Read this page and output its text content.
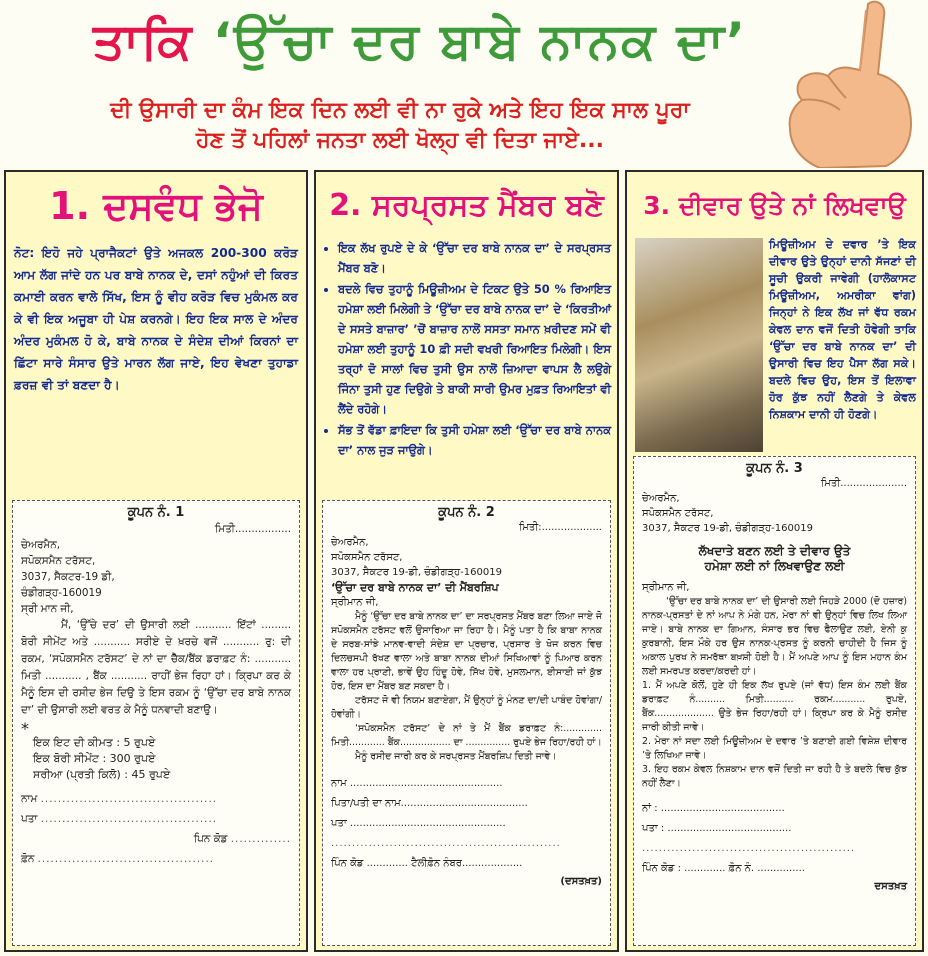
ਤਾਕਿ ‘ਉੱਚਾ ਦਰ ਬਾਬੇ ਨਾਨਕ ਦਾ’
ਦੀ ਉਸਾਰੀ ਦਾ ਕੰਮ ਇਕ ਦਿਨ ਲਈ ਵੀ ਨਾ ਰੁਕੇ ਅਤੇ ਇਹ ਇਕ ਸਾਲ ਪੂਰਾ
ਹੋਣ ਤੋਂ ਪਹਿਲਾਂ ਜਨਤਾ ਲਈ ਖੋਲ੍ਹ ਵੀ ਦਿਤਾ ਜਾਏ...
1. ਦਸਵੰਧ ਭੇਜੋ
ਨੋਟ: ਇਹੋ ਜਹੇ ਪ੍ਰਾਜੈਕਟਾਂ ਉਤੇ ਅਜਕਲ 200-300 ਕਰੋੜ ਆਮ ਲੱਗ ਜਾਂਦੇ ਹਨ ਪਰ ਬਾਬੇ ਨਾਨਕ ਦੇ, ਦਸਾਂ ਨਹੁੰਆਂ ਦੀ ਕਿਰਤ ਕਮਾਈ ਕਰਨ ਵਾਲੇ ਸਿੱਖ, ਇਸ ਨੂੰ ਵੀਹ ਕਰੋੜ ਵਿਚ ਮੁਕੰਮਲ ਕਰ ਕੇ ਵੀ ਇਕ ਅਜੂਬਾ ਹੀ ਪੇਸ਼ ਕਰਨਗੇ। ਇਹ ਇਕ ਸਾਲ ਦੇ ਅੰਦਰ ਅੰਦਰ ਮੁਕੰਮਲ ਹੋ ਕੇ, ਬਾਬੇ ਨਾਨਕ ਦੇ ਸੰਦੇਸ਼ ਦੀਆਂ ਕਿਰਨਾਂ ਦਾ ਛਿੱਟਾ ਸਾਰੇ ਸੰਸਾਰ ਉਤੇ ਮਾਰਨ ਲੱਗ ਜਾਏ, ਇਹ ਵੇਖਣਾ ਤੁਹਾਡਾ ਫ਼ਰਜ਼ ਵੀ ਤਾਂ ਬਣਦਾ ਹੈ।

ਕੂਪਨ ਨੰ. 1

ਮਿਤੀ.................

ਚੇਅਰਮੈਨ,

ਸਪੋਕਸਮੈਨ ਟਰੱਸਟ,

3037, ਸੈਕਟਰ-19 ਡੀ,

ਚੰਡੀਗੜ੍ਹ-160019

ਸ੍ਰੀ ਮਾਨ ਜੀ,

ਮੈਂ, ‘ਉੱਚੇ ਦਰ’ ਦੀ ਉਸਾਰੀ ਲਈ ........... ਇੱਟਾਂ ......... ਬੋਰੀ ਸੀਮੇਂਟ ਅਤੇ ........... ਸਰੀਏ ਦੇ ਖ਼ਰਚੇ ਵਜੋਂ ........... ਰੁ: ਦੀ ਰਕਮ, ‘ਸਪੋਕਸਮੈਨ ਟਰੱਸਟ’ ਦੇ ਨਾਂ ਦਾ ਚੈੱਕ/ਬੈਂਕ ਡਰਾਫ਼ਟ ਨੰ: ........... ਮਿਤੀ ........... , ਬੈਂਕ ........... ਰਾਹੀਂ ਭੇਜ ਰਿਹਾ ਹਾਂ। ਕ੍ਰਿਪਾ ਕਰ ਕੇ ਮੈਨੂੰ ਇਸ ਦੀ ਰਸੀਦ ਭੇਜ ਦਿਉ ਤੇ ਇਸ ਰਕਮ ਨੂੰ ‘ਉੱਚਾ ਦਰ ਬਾਬੇ ਨਾਨਕ ਦਾ’ ਦੀ ਉਸਾਰੀ ਲਈ ਵਰਤ ਕੇ ਮੈਨੂੰ ਧਨਵਾਦੀ ਬਣਾਉ।

*

ਇਕ ਇਟ ਦੀ ਕੀਮਤ : 5 ਰੁਪਏ

ਇਕ ਬੋਰੀ ਸੀਮੇਂਟ : 300 ਰੁਪਏ

ਸਰੀਆ (ਪ੍ਰਤੀ ਕਿਲੋ) : 45 ਰੁਪਏ

ਨਾਮ .........................................

ਪਤਾ .........................................

ਪਿਨ ਕੋਡ ..............

ਫ਼ੋਨ .........................................

2. ਸਰਪ੍ਰਸਤ ਮੈਂਬਰ ਬਣੋ
• ਇਕ ਲੱਖ ਰੁਪਏ ਦੇ ਕੇ ‘ਉੱਚਾ ਦਰ ਬਾਬੇ ਨਾਨਕ ਦਾ’ ਦੇ ਸਰਪ੍ਰਸਤ ਮੈਂਬਰ ਬਣੋ।
• ਬਦਲੇ ਵਿਚ ਤੁਹਾਨੂੰ ਮਿਊਜ਼ੀਅਮ ਦੇ ਟਿਕਟ ਉਤੇ 50 % ਰਿਆਇਤ ਹਮੇਸ਼ਾ ਲਈ ਮਿਲੇਗੀ ਤੇ ‘ਉੱਚਾ ਦਰ ਬਾਬੇ ਨਾਨਕ ਦਾ’ ਦੇ ‘ਕਿਰਤੀਆਂ ਦੇ ਸਸਤੇ ਬਾਜ਼ਾਰ’ ’ਚੋਂ ਬਾਜ਼ਾਰ ਨਾਲੋਂ ਸਸਤਾ ਸਮਾਨ ਖ਼ਰੀਦਣ ਸਮੇਂ ਵੀ ਹਮੇਸ਼ਾ ਲਈ ਤੁਹਾਨੂੰ 10 ਫ਼ੀ ਸਦੀ ਵਖਰੀ ਰਿਆਇਤ ਮਿਲੇਗੀ। ਇਸ ਤਰ੍ਹਾਂ ਦੋ ਸਾਲਾਂ ਵਿਚ ਤੁਸੀ ਉਸ ਨਾਲੋਂ ਜ਼ਿਆਦਾ ਵਾਪਸ ਲੈ ਲਉਗੇ ਜਿੰਨਾ ਤੁਸੀ ਹੁਣ ਦਿਉਗੇ ਤੇ ਬਾਕੀ ਸਾਰੀ ਉਮਰ ਮੁਫ਼ਤ ਰਿਆਇਤਾਂ ਵੀ ਲੈਂਦੇ ਰਹੋਗੇ।
• ਸੱਭ ਤੋਂ ਵੱਡਾ ਫ਼ਾਇਦਾ ਕਿ ਤੁਸੀ ਹਮੇਸ਼ਾ ਲਈ ‘ਉੱਚਾ ਦਰ ਬਾਬੇ ਨਾਨਕ ਦਾ’ ਨਾਲ ਜੁੜ ਜਾਉਗੇ।

ਕੂਪਨ ਨੰ. 2

ਮਿਤੀ:...................

ਚੇਅਰਮੈਨ,

ਸਪੋਕਸਮੈਨ ਟਰੱਸਟ,

3037, ਸੈਕਟਰ 19-ਡੀ, ਚੰਡੀਗੜ੍ਹ-160019

‘ਉੱਚਾ ਦਰ ਬਾਬੇ ਨਾਨਕ ਦਾ’ ਦੀ ਮੈਂਬਰਸ਼ਿਪ

ਸ੍ਰੀਮਾਨ ਜੀ,

ਮੈਨੂੰ ‘ਉੱਚਾ ਦਰ ਬਾਬੇ ਨਾਨਕ ਦਾ’ ਦਾ ਸਰਪ੍ਰਸਤ ਮੈਂਬਰ ਬਣਾ ਲਿਆ ਜਾਏ ਜੋ ਸਪੋਕਸਮੈਨ ਟਰੱਸਟ ਵਲੋਂ ਉਸਾਰਿਆ ਜਾ ਰਿਹਾ ਹੈ। ਮੈਨੂੰ ਪਤਾ ਹੈ ਕਿ ਬਾਬਾ ਨਾਨਕ ਦੇ ਸਰਬ-ਸਾਂਝੇ ਮਾਨਵ-ਵਾਦੀ ਸੰਦੇਸ਼ ਦਾ ਪ੍ਰਚਾਰ, ਪ੍ਰਸਾਰ ਤੇ ਖੋਜ ਕਰਨ ਵਿਚ ਦਿਲਚਸਪੀ ਰੱਖਣ ਵਾਲਾ ਅਤੇ ਬਾਬਾ ਨਾਨਕ ਦੀਆਂ ਸਿਖਿਆਵਾਂ ਨੂੰ ਪਿਆਰ ਕਰਨ ਵਾਲਾ ਹਰ ਪ੍ਰਾਣੀ, ਭਾਵੇਂ ਉਹ ਹਿੰਦੂ ਹੋਵੇ, ਸਿੱਖ ਹੋਵੇ, ਮੁਸਲਮਾਨ, ਈਸਾਈ ਜਾਂ ਕੁੱਝ ਹੋਰ, ਇਸ ਦਾ ਮੈਂਬਰ ਬਣ ਸਕਦਾ ਹੈ।

ਟਰੱਸਟ ਜੋ ਵੀ ਨਿਯਮ ਬਣਾਏਗਾ, ਮੈਂ ਉਨ੍ਹਾਂ ਨੂੰ ਮੰਨਣ ਦਾ/ਦੀ ਪਾਬੰਦ ਹੋਵਾਂਗਾ/ਹੋਵਾਂਗੀ।

‘ਸਪੋਕਸਮੈਨ ਟਰੱਸਟ’ ਦੇ ਨਾਂ ਤੇ ਮੈਂ ਬੈਂਕ ਡਰਾਫ਼ਟ ਨੰ:............. ਮਿਤੀ............ ਬੈਂਕ................. ਦਾ ............... ਰੁਪਏ ਭੇਜ ਰਿਹਾ/ਰਹੀ ਹਾਂ।

ਮੈਨੂੰ ਰਸੀਦ ਜਾਰੀ ਕਰ ਕੇ ਸਰਪ੍ਰਸਤ ਮੈਂਬਰਸ਼ਿਪ ਦਿਤੀ ਜਾਵੇ।

ਨਾਮ ................................................

ਪਿਤਾ/ਪਤੀ ਦਾ ਨਾਮ........................................

ਪਤਾ .................................................

.......................................................

ਪਿੰਨ ਕੋਡ ............. ਟੈਲੀਫ਼ੋਨ ਨੰਬਰ...................

(ਦਸਤਖ਼ਤ)

3. ਦੀਵਾਰ ਉਤੇ ਨਾਂ ਲਿਖਵਾਉ
ਮਿਊਜ਼ੀਅਮ ਦੇ ਦਵਾਰ ’ਤੇ ਇਕ ਦੀਵਾਰ ਉਤੇ ਉਨ੍ਹਾਂ ਦਾਨੀ ਸੱਜਣਾਂ ਦੀ ਸੂਚੀ ਉਕਰੀ ਜਾਵੇਗੀ (ਹਾਲੋਕਾਸਟ ਮਿਊਜ਼ੀਅਮ, ਅਮਰੀਕਾ ਵਾਂਗ) ਜਿਨ੍ਹਾਂ ਨੇ ਇਕ ਲੱਖ ਜਾਂ ਵੱਧ ਰਕਮ ਕੇਵਲ ਦਾਨ ਵਜੋਂ ਦਿਤੀ ਹੋਵੇਗੀ ਤਾਕਿ ‘ਉੱਚਾ ਦਰ ਬਾਬੇ ਨਾਨਕ ਦਾ’ ਦੀ ਉਸਾਰੀ ਵਿਚ ਇਹ ਪੈਸਾ ਲੱਗ ਸਕੇ। ਬਦਲੇ ਵਿਚ ਉਹ, ਇਸ ਤੋਂ ਇਲਾਵਾ ਹੋਰ ਕੁੱਝ ਨਹੀਂ ਲੈਣਗੇ ਤੇ ਕੇਵਲ ਨਿਸ਼ਕਾਮ ਦਾਨੀ ਹੀ ਹੋਣਗੇ।

ਕੂਪਨ ਨੰ. 3

ਮਿਤੀ.....................

ਚੇਅਰਮੈਨ,

ਸਪੋਕਸਮੈਨ ਟਰੱਸਟ,

3037, ਸੈਕਟਰ 19-ਡੀ, ਚੰਡੀਗੜ੍ਹ-160019

ਲੱਖਦਾਤੇ ਬਣਨ ਲਈ ਤੇ ਦੀਵਾਰ ਉਤੇ

ਹਮੇਸ਼ਾ ਲਈ ਨਾਂ ਲਿਖਵਾਉਣ ਲਈ

ਸ੍ਰੀਮਾਨ ਜੀ,

‘ਉੱਚਾ ਦਰ ਬਾਬੇ ਨਾਨਕ ਦਾ’ ਦੀ ਉਸਾਰੀ ਲਈ ਜਿਹੜੇ 2000 (ਦੋ ਹਜ਼ਾਰ) ਨਾਨਕ-ਪ੍ਰਸਤਾਂ ਦੇ ਨਾਂ ਆਪ ਨੇ ਮੰਗੇ ਹਨ, ਮੇਰਾ ਨਾਂ ਵੀ ਉਨ੍ਹਾਂ ਵਿਚ ਲਿਖ ਲਿਆ ਜਾਏ। ਬਾਬੇ ਨਾਨਕ ਦਾ ਗਿਆਨ, ਸੰਸਾਰ ਭਰ ਵਿਚ ਫੈਲਾਉਣ ਲਈ, ਏਨੀ ਕੁ ਕੁਰਬਾਨੀ, ਇਸ ਮੌਕੇ ਹਰ ਉਸ ਨਾਨਕ-ਪ੍ਰਸਤ ਨੂੰ ਕਰਨੀ ਚਾਹੀਦੀ ਹੈ ਜਿਸ ਨੂੰ ਅਕਾਲ ਪੁਰਖ ਨੇ ਸਮਰੱਥਾ ਬਖ਼ਸ਼ੀ ਹੋਈ ਹੈ। ਮੈਂ ਅਪਣੇ ਆਪ ਨੂੰ ਇਸ ਮਹਾਨ ਕੰਮ ਲਈ ਸਮਰਪਤ ਕਰਦਾ/ਕਰਦੀ ਹਾਂ।

1. ਮੈਂ ਅਪਣੇ ਕੋਲੋਂ, ਹੁਣੇ ਹੀ ਇਕ ਲੱਖ ਰੁਪਏ (ਜਾਂ ਵੱਧ) ਇਸ ਕੰਮ ਲਈ ਬੈਂਕ ਡਰਾਫ਼ਟ ਨੰ.......... ਮਿਤੀ.......... ਰਕਮ........... ਰੁਪਏ, ਬੈਂਕ.................... ਉਤੇ ਭੇਜ ਰਿਹਾ/ਰਹੀ ਹਾਂ। ਕ੍ਰਿਪਾ ਕਰ ਕੇ ਮੈਨੂੰ ਰਸੀਦ ਜਾਰੀ ਕੀਤੀ ਜਾਵੇ।

2. ਮੇਰਾ ਨਾਂ ਸਦਾ ਲਈ ਮਿਊਜ਼ੀਅਮ ਦੇ ਦਵਾਰ ’ਤੇ ਬਣਾਈ ਗਈ ਵਿਸ਼ੇਸ਼ ਦੀਵਾਰ ’ਤੇ ਲਿਖਿਆ ਜਾਵੇ।

3. ਇਹ ਰਕਮ ਕੇਵਲ ਨਿਸ਼ਕਾਮ ਦਾਨ ਵਜੋਂ ਦਿਤੀ ਜਾ ਰਹੀ ਹੈ ਤੇ ਬਦਲੇ ਵਿਚ ਕੁੱਝ ਨਹੀਂ ਲੈਣਾ।

ਨਾਂ : .......................................

ਪਤਾ : .......................................

...................................................

ਪਿੰਨ ਕੋਡ : ............. ਫ਼ੋਨ ਨੰ. ...............

ਦਸਤਖ਼ਤ
